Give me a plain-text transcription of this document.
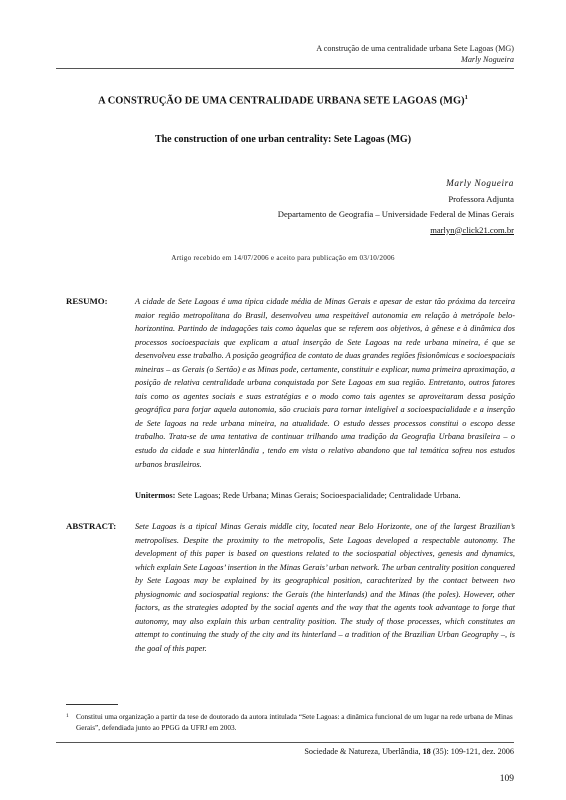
A construção de uma centralidade urbana Sete Lagoas (MG)
Marly Nogueira
A CONSTRUÇÃO DE UMA CENTRALIDADE URBANA SETE LAGOAS (MG)$^1$
The construction of one urban centrality: Sete Lagoas (MG)
Marly Nogueira
Professora Adjunta
Departamento de Geografia – Universidade Federal de Minas Gerais
marlyn@click21.com.br
Artigo recebido em 14/07/2006 e aceito para publicação em 03/10/2006
RESUMO:	A cidade de Sete Lagoas é uma típica cidade média de Minas Gerais e apesar de estar tão próxima da terceira maior região metropolitana do Brasil, desenvolveu uma respeitável autonomia em relação à metrópole belo-horizontina. Partindo de indagações tais como àquelas que se referem aos objetivos, à gênese e à dinâmica dos processos socioespaciais que explicam a atual inserção de Sete Lagoas na rede urbana mineira, é que se desenvolveu esse trabalho. A posição geográfica de contato de duas grandes regiões fisionômicas e socioespaciais mineiras – as Gerais (o Sertão) e as Minas pode, certamente, constituir e explicar, numa primeira aproximação, a posição de relativa centralidade urbana conquistada por Sete Lagoas em sua região. Entretanto, outros fatores tais como os agentes sociais e suas estratégias e o modo como tais agentes se aproveitaram dessa posição geográfica para forjar aquela autonomia, são cruciais para tornar inteligível a socioespacialidade e a inserção de Sete lagoas na rede urbana mineira, na atualidade. O estudo desses processos constitui o escopo desse trabalho. Trata-se de uma tentativa de continuar trilhando uma tradição da Geografia Urbana brasileira – o estudo da cidade e sua hinterlândia , tendo em vista o relativo abandono que tal temática sofreu nos estudos urbanos brasileiros.

Unitermos: Sete Lagoas; Rede Urbana; Minas Gerais; Socioespacialidade; Centralidade Urbana.

ABSTRACT: Sete Lagoas is a tipical Minas Gerais middle city, located near Belo Horizonte, one of the largest Brazilian’s metropolises. Despite the proximity to the metropolis, Sete Lagoas developed a respectable autonomy. The development of this paper is based on questions related to the sociospatial objectives, genesis and dynamics, which explain Sete Lagoas’ insertion in the Minas Gerais’ urban network. The urban centrality position conquered by Sete Lagoas may be explained by its geographical position, carachterized by the contact between two physiognomic and sociospatial regions: the Gerais (the hinterlands) and the Minas (the poles). However, other factors, as the strategies adopted by the social agents and the way that the agents took advantage to forge that autonomy, may also explain this urban centrality position. The study of those processes, which constitutes an attempt to continuing the study of the city and its hinterland – a tradition of the Brazilian Urban Geography –, is the goal of this paper.

1 Constitui uma organização a partir da tese de doutorado da autora intitulada “Sete Lagoas: a dinâmica funcional de um lugar na rede urbana de Minas Gerais”, defendiada junto ao PPGG da UFRJ em 2003.
Sociedade & Natureza, Uberlândia, 18 (35): 109-121, dez. 2006
109
